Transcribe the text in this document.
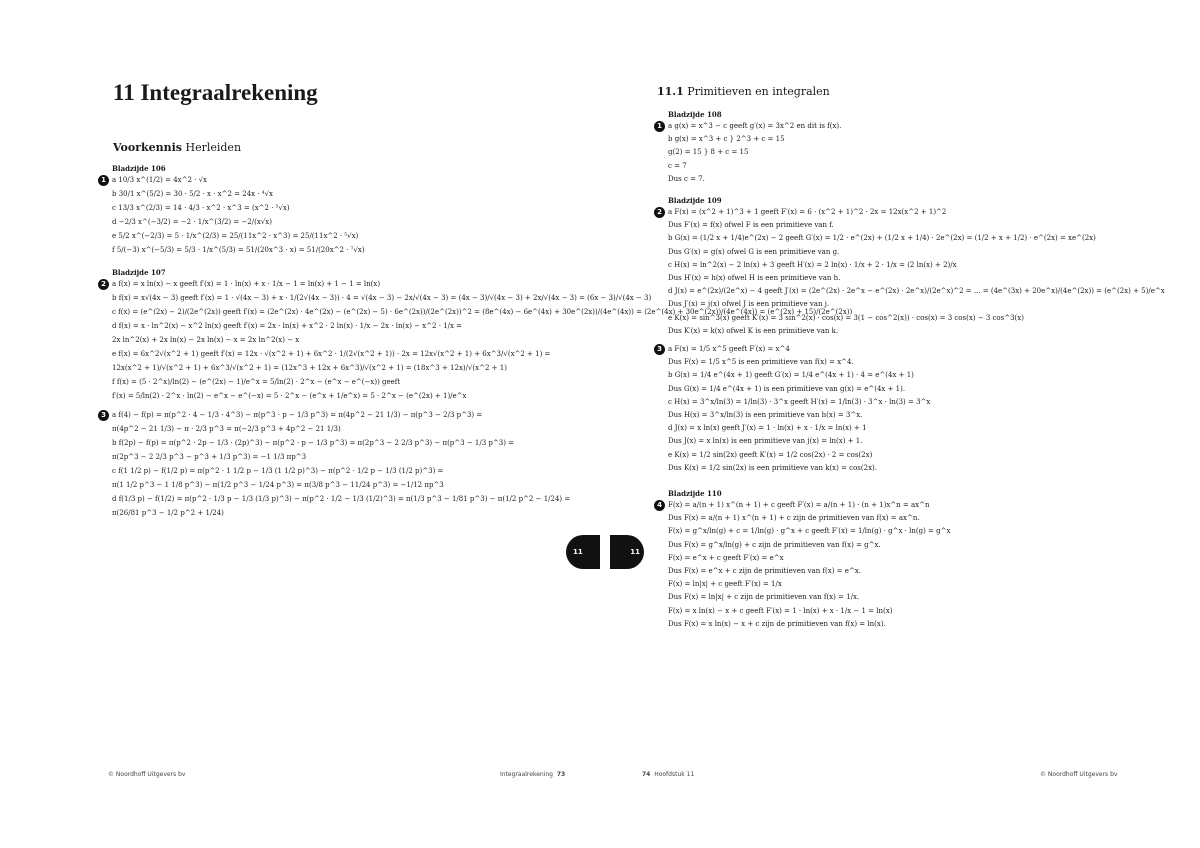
11 Integraalrekening
Voorkennis Herleiden
Bladzijde 106
1 a 10/3 x^(1/2) = 4x^2 · √x
b 30/1 x^(5/2) = 30 · 5/2 · x · x^2 = 24x · ⁴√x
c 13/3 x^(2/3) = 14 · 4/3 · x^2 · x^3 = (x^2 · ⁵√x)
d −2/3 x^(−3/2) = −2 · 1/x^(3/2) = −2/(x√x)
e 5/2 x^(−2/3) = 5 · 1/x^(2/3) = 25/(11x^2 · x^3) = 25/(11x^2 · ⁵√x)
f 5/(−3) x^(−5/3) = 5/3 · 1/x^(5/3) = 51/(20x^3 · x) = 51/(20x^2 · ⁷√x)
Bladzijde 107
2 a f(x) = x ln(x) − x geeft f′(x) = 1 · ln(x) + x · 1/x − 1 = ln(x) + 1 − 1 = ln(x)
b f(x) = x√(4x − 3) geeft f′(x) = 1 · √(4x − 3) + x · 1/(2√(4x − 3)) · 4 = √(4x − 3) − 2x/√(4x − 3) = (4x − 3)/√(4x − 3) + 2x/√(4x − 3) = (6x − 3)/√(4x − 3)
c f(x) = (e^(2x) − 2)/(2e^(2x)) geeft f′(x) = (2e^(2x) · 4e^(2x) − (e^(2x) − 5) · 6e^(2x))/(2e^(2x))^2 = (8e^(4x) − 6e^(4x) + 30e^(2x))/(4e^(4x)) = (2e^(4x) + 30e^(2x))/(4e^(4x)) = (e^(2x) + 15)/(2e^(2x))
d f(x) = x · ln^2(x) − x^2 ln(x) geeft f′(x) = 2x · ln(x) + x^2 · 2 ln(x) · 1/x − 2x · ln(x) − x^2 · 1/x =
2x ln^2(x) + 2x ln(x) − 2x ln(x) − x = 2x ln^2(x) − x
e f(x) = 6x^2√(x^2 + 1) geeft f′(x) = 12x · √(x^2 + 1) + 6x^2 · 1/(2√(x^2 + 1)) · 2x = 12x√(x^2 + 1) + 6x^3/√(x^2 + 1) =
12x(x^2 + 1)/√(x^2 + 1) + 6x^3/√(x^2 + 1) = (12x^3 + 12x + 6x^3)/√(x^2 + 1) = (18x^3 + 12x)/√(x^2 + 1)
f f(x) = (5 · 2^x)/ln(2) − (e^(2x) − 1)/e^x = 5/ln(2) · 2^x − (e^x − e^(−x)) geeft
f′(x) = 5/ln(2) · 2^x · ln(2) − e^x − e^(−x) = 5 · 2^x − (e^x + 1/e^x) = 5 · 2^x − (e^(2x) + 1)/e^x
3 a f(4) − f(p) = π(p^2 · 4 − 1/3 · 4^3) − π(p^3 · p − 1/3 p^3) = π(4p^2 − 21 1/3) − π(p^3 − 2/3 p^3) =
π(4p^2 − 21 1/3) − π · 2/3 p^3 = π(−2/3 p^3 + 4p^2 − 21 1/3)
b f(2p) − f(p) = π(p^2 · 2p − 1/3 · (2p)^3) − π(p^2 · p − 1/3 p^3) = π(2p^3 − 2 2/3 p^3) − π(p^3 − 1/3 p^3) =
π(2p^3 − 2 2/3 p^3 − p^3 + 1/3 p^3) = −1 1/3 πp^3
c f(1 1/2 p) − f(1/2 p) = π(p^2 · 1 1/2 p − 1/3 (1 1/2 p)^3) − π(p^2 · 1/2 p − 1/3 (1/2 p)^3) =
π(1 1/2 p^3 − 1 1/8 p^3) − π(1/2 p^3 − 1/24 p^3) = π(3/8 p^3 − 11/24 p^3) = −1/12 πp^3
d f(1/3 p) − f(1/2) = π(p^2 · 1/3 p − 1/3 (1/3 p)^3) − π(p^2 · 1/2 − 1/3 (1/2)^3) = π(1/3 p^3 − 1/81 p^3) − π(1/2 p^2 − 1/24) =
π(26/81 p^3 − 1/2 p^2 + 1/24)
11
© Noordhoff Uitgevers bv	Integraalrekening 73
11
74 Hoofdstuk 11	© Noordhoff Uitgevers bv
11.1 Primitieven en integralen
Bladzijde 108
1 a g(x) = x^3 − c geeft g′(x) = 3x^2 en dit is f(x).
b g(x) = x^3 + c } 2^3 + c = 15
g(2) = 15 } 8 + c = 15
c = 7
Dus c = 7.
Bladzijde 109
2 a F(x) = (x^2 + 1)^3 + 1 geeft F′(x) = 6 · (x^2 + 1)^2 · 2x = 12x(x^2 + 1)^2
Dus F′(x) = f(x) ofwel F is een primitieve van f.
b G(x) = (1/2 x + 1/4)e^(2x) − 2 geeft G′(x) = 1/2 · e^(2x) + (1/2 x + 1/4) · 2e^(2x) = (1/2 + x + 1/2) · e^(2x) = xe^(2x)
Dus G′(x) = g(x) ofwel G is een primitieve van g.
c H(x) = ln^2(x) − 2 ln(x) + 3 geeft H′(x) = 2 ln(x) · 1/x + 2 · 1/x = (2 ln(x) + 2)/x
Dus H′(x) = h(x) ofwel H is een primitieve van h.
d J(x) = e^(2x)/(2e^x) − 4 geeft J′(x) = (2e^(2x) · 2e^x − e^(2x) · 2e^x)/(2e^x)^2 = ... = (4e^(3x) + 20e^x)/(4e^(2x)) = (e^(2x) + 5)/e^x
Dus J′(x) = j(x) ofwel J is een primitieve van j.
e K(x) = sin^3(x) geeft K′(x) = 3 sin^2(x) · cos(x) = 3(1 − cos^2(x)) · cos(x) = 3 cos(x) − 3 cos^3(x)
Dus K′(x) = k(x) ofwel K is een primitieve van k.
3 a F(x) = 1/5 x^5 geeft F′(x) = x^4
Dus F(x) = 1/5 x^5 is een primitieve van f(x) = x^4.
b G(x) = 1/4 e^(4x + 1) geeft G′(x) = 1/4 e^(4x + 1) · 4 = e^(4x + 1)
Dus G(x) = 1/4 e^(4x + 1) is een primitieve van g(x) = e^(4x + 1).
c H(x) = 3^x/ln(3) = 1/ln(3) · 3^x geeft H′(x) = 1/ln(3) · 3^x · ln(3) = 3^x
Dus H(x) = 3^x/ln(3) is een primitieve van h(x) = 3^x.
d J(x) = x ln(x) geeft J′(x) = 1 · ln(x) + x · 1/x = ln(x) + 1
Dus J(x) = x ln(x) is een primitieve van j(x) = ln(x) + 1.
e K(x) = 1/2 sin(2x) geeft K′(x) = 1/2 cos(2x) · 2 = cos(2x)
Dus K(x) = 1/2 sin(2x) is een primitieve van k(x) = cos(2x).
Bladzijde 110
4 F(x) = a/(n + 1) x^(n + 1) + c geeft F′(x) = a/(n + 1) · (n + 1)x^n = ax^n
Dus F(x) = a/(n + 1) x^(n + 1) + c zijn de primitieven van f(x) = ax^n.
F(x) = g^x/ln(g) + c = 1/ln(g) · g^x + c geeft F′(x) = 1/ln(g) · g^x · ln(g) = g^x
Dus F(x) = g^x/ln(g) + c zijn de primitieven van f(x) = g^x.
F(x) = e^x + c geeft F′(x) = e^x
Dus F(x) = e^x + c zijn de primitieven van f(x) = e^x.
F(x) = ln|x| + c geeft F′(x) = 1/x
Dus F(x) = ln|x| + c zijn de primitieven van f(x) = 1/x.
F(x) = x ln(x) − x + c geeft F′(x) = 1 · ln(x) + x · 1/x − 1 = ln(x)
Dus F(x) = x ln(x) − x + c zijn de primitieven van f(x) = ln(x).
